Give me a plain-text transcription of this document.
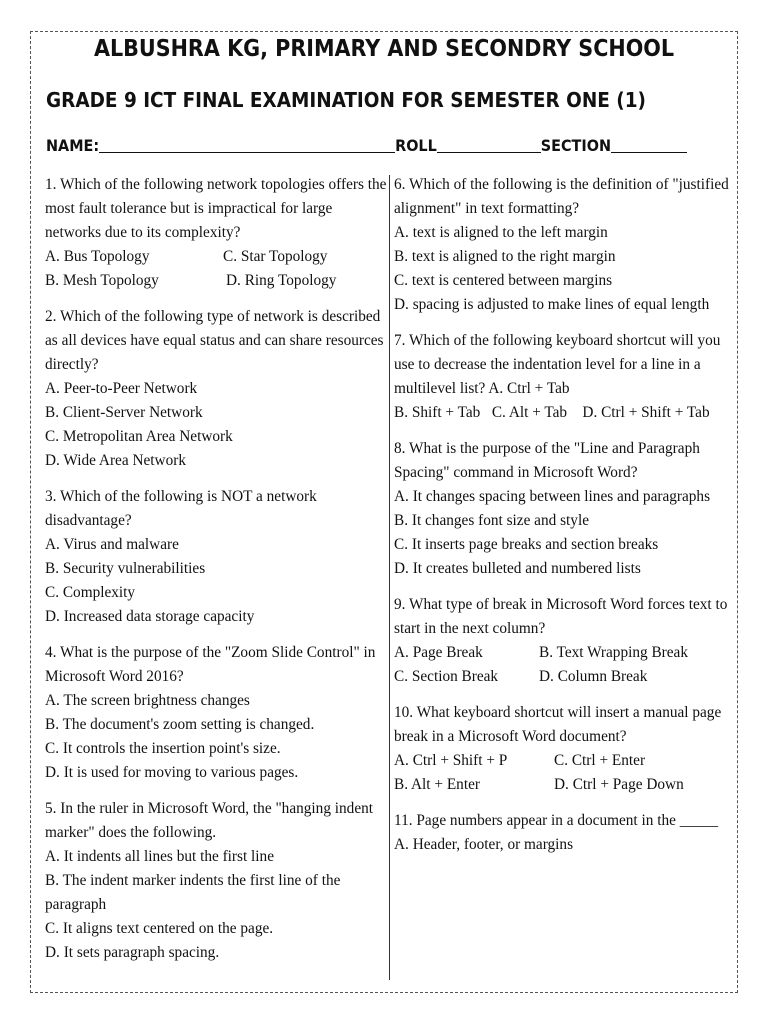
ALBUSHRA KG, PRIMARY AND SECONDRY SCHOOL
GRADE 9 ICT FINAL EXAMINATION FOR SEMESTER ONE (1)
NAME:	ROLL	SECTION

1. Which of the following network topologies offers the most fault tolerance but is impractical for large networks due to its complexity?

A. Bus Topology	C. Star Topology
B. Mesh Topology	D. Ring Topology

2. Which of the following type of network is described as all devices have equal status and can share resources directly?

A. Peer-to-Peer Network

B. Client-Server Network

C. Metropolitan Area Network

D. Wide Area Network

3. Which of the following is NOT a network disadvantage?

A. Virus and malware

B. Security vulnerabilities

C. Complexity

D. Increased data storage capacity

4. What is the purpose of the "Zoom Slide Control" in Microsoft Word 2016?

A. The screen brightness changes

B. The document's zoom setting is changed.

C. It controls the insertion point's size.

D. It is used for moving to various pages.

5. In the ruler in Microsoft Word, the "hanging indent marker" does the following.

A. It indents all lines but the first line

B. The indent marker indents the first line of the paragraph

C. It aligns text centered on the page.

D. It sets paragraph spacing.

6. Which of the following is the definition of "justified alignment" in text formatting?

A. text is aligned to the left margin

B. text is aligned to the right margin

C. text is centered between margins

D. spacing is adjusted to make lines of equal length

7. Which of the following keyboard shortcut will you use to decrease the indentation level for a line in a multilevel list? A. Ctrl + Tab

B. Shift + Tab C. Alt + Tab D. Ctrl + Shift + Tab

8. What is the purpose of the "Line and Paragraph Spacing" command in Microsoft Word?

A. It changes spacing between lines and paragraphs

B. It changes font size and style

C. It inserts page breaks and section breaks

D. It creates bulleted and numbered lists

9. What type of break in Microsoft Word forces text to start in the next column?

A. Page Break	B. Text Wrapping Break
C. Section Break	D. Column Break

10. What keyboard shortcut will insert a manual page break in a Microsoft Word document?

A. Ctrl + Shift + P	C. Ctrl + Enter
B. Alt + Enter	D. Ctrl + Page Down

11. Page numbers appear in a document in the _____

A. Header, footer, or margins
